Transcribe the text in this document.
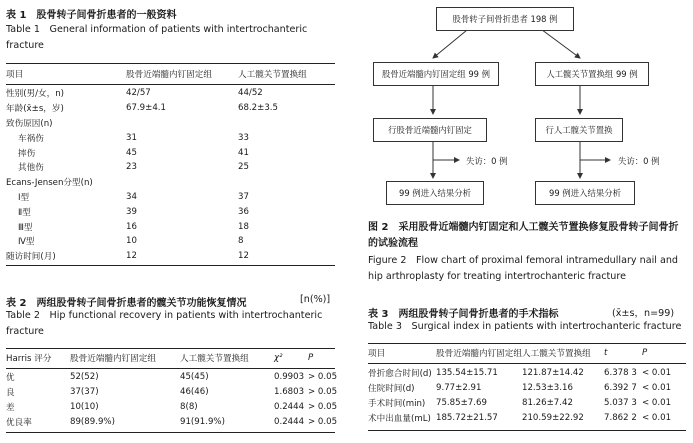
表 1　股骨转子间骨折患者的一般资料
Table 1　General information of patients with intertrochanteric fracture
项目	股骨近端髓内钉固定组	人工髋关节置换组
性别(男/女，n)	42/57	44/52
年龄(x̄±s，岁)	67.9±4.1	68.2±3.5
致伤原因(n)		
车祸伤	31	33
摔伤	45	41
其他伤	23	25
Ecans-Jensen分型(n)		
Ⅰ型	34	37
Ⅱ型	39	36
Ⅲ型	16	18
Ⅳ型	10	8
随访时间(月)	12	12
表 2　两组股骨转子间骨折患者的髋关节功能恢复情况	[n(%)]
Table 2　Hip functional recovery in patients with intertrochanteric fracture
Harris 评分	股骨近端髓内钉固定组	人工髋关节置换组	χ²	P
优	52(52)	45(45)	0.9903	> 0.05
良	37(37)	46(46)	1.6803	> 0.05
差	10(10)	8(8)	0.2444	> 0.05
优良率	89(89.9%)	91(91.9%)	0.2444	> 0.05
股骨转子间骨折患者 198 例
股骨近端髓内钉固定组 99 例
行股骨近端髓内钉固定
失访：0 例
99 例进入结果分析
人工髋关节置换组 99 例
行人工髋关节置换
失访：0 例
99 例进入结果分析
图 2　采用股骨近端髓内钉固定和人工髋关节置换修复股骨转子间骨折的试验流程
Figure 2　Flow chart of proximal femoral intramedullary nail and hip arthroplasty for treating intertrochanteric fracture
表 3　两组股骨转子间骨折患者的手术指标	(x̄±s，n=99)
Table 3　Surgical index in patients with intertrochanteric fracture
项目	股骨近端髓内钉固定组	人工髋关节置换组	t	P
骨折愈合时间(d)	135.54±15.71	121.87±14.42	6.378 3	< 0.01
住院时间(d)	9.77±2.91	12.53±3.16	6.392 7	< 0.01
手术时间(min)	75.85±7.69	81.26±7.42	5.037 3	< 0.01
术中出血量(mL)	185.72±21.57	210.59±22.92	7.862 2	< 0.01
